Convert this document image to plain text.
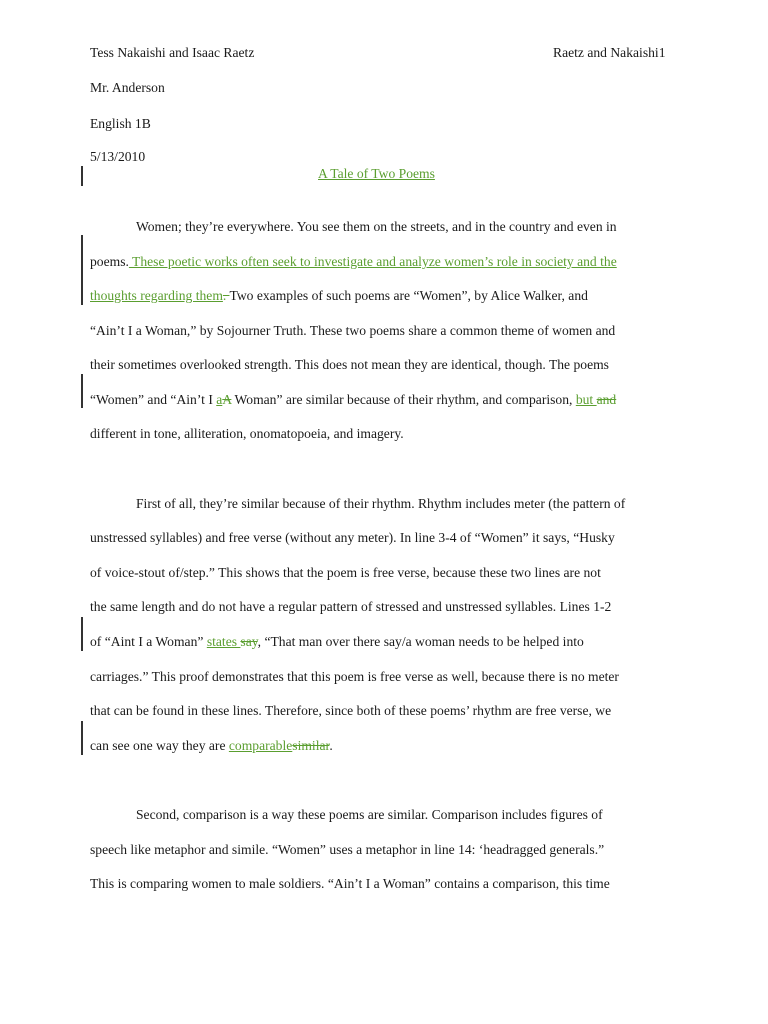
Tess Nakaishi and Isaac Raetz	Raetz and Nakaishi1
Mr. Anderson
English 1B
5/13/2010
A Tale of Two Poems
Women; they’re everywhere. You see them on the streets, and in the country and even in
poems. These poetic works often seek to investigate and analyze women’s role in society and the
thoughts regarding them. Two examples of such poems are “Women”, by Alice Walker, and
“Ain’t I a Woman,” by Sojourner Truth. These two poems share a common theme of women and
their sometimes overlooked strength. This does not mean they are identical, though. The poems
“Women” and “Ain’t I aA Woman” are similar because of their rhythm, and comparison, but and
different in tone, alliteration, onomatopoeia, and imagery.
First of all, they’re similar because of their rhythm. Rhythm includes meter (the pattern of
unstressed syllables) and free verse (without any meter). In line 3-4 of “Women” it says, “Husky
of voice-stout of/step.” This shows that the poem is free verse, because these two lines are not
the same length and do not have a regular pattern of stressed and unstressed syllables. Lines 1-2
of “Aint I a Woman” states say, “That man over there say/a woman needs to be helped into
carriages.” This proof demonstrates that this poem is free verse as well, because there is no meter
that can be found in these lines. Therefore, since both of these poems’ rhythm are free verse, we
can see one way they are comparablesimilar.
Second, comparison is a way these poems are similar. Comparison includes figures of
speech like metaphor and simile. “Women” uses a metaphor in line 14: ‘headragged generals.”
This is comparing women to male soldiers. “Ain’t I a Woman” contains a comparison, this time
